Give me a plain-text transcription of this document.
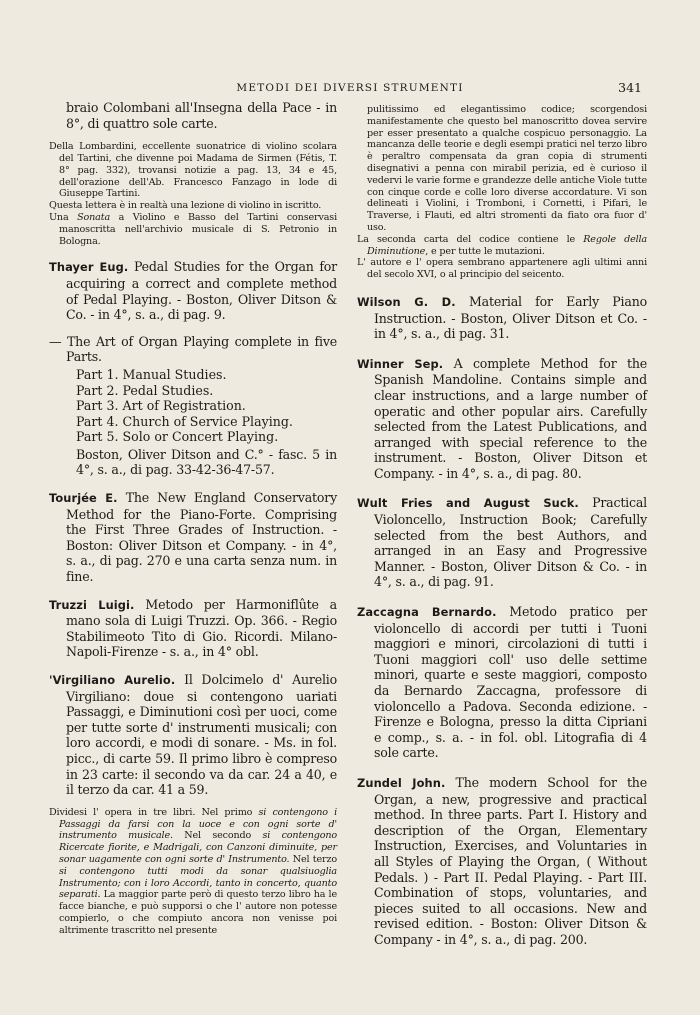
METODI DEI DIVERSI STRUMENTI	341

braio Colombani all'Insegna della Pace - in 8°, di quattro sole carte.

Della Lombardini, eccellente suonatrice di violino scolara del Tartini, che divenne poi Madama de Sirmen (Fétis, T. 8° pag. 332), trovansi notizie a pag. 13, 34 e 45, dell'orazione dell'Ab. Francesco Fanzago in lode di Giuseppe Tartini.

Questa lettera è in realtà una lezione di violino in iscritto.

Una Sonata a Violino e Basso del Tartini conservasi manoscritta nell'archivio musicale di S. Petronio in Bologna.

Thayer Eug. Pedal Studies for the Organ for acquiring a correct and complete method of Pedal Playing. - Boston, Oliver Ditson & Co. - in 4°, s. a., di pag. 9.

— The Art of Organ Playing complete in five Parts.

Part 1. Manual Studies.
Part 2. Pedal Studies.
Part 3. Art of Registration.
Part 4. Church of Service Playing.
Part 5. Solo or Concert Playing.

Boston, Oliver Ditson and C.° - fasc. 5 in 4°, s. a., di pag. 33-42-36-47-57.

Tourjée E. The New England Conservatory Method for the Piano-Forte. Comprising the First Three Grades of Instruction. - Boston: Oliver Ditson et Company. - in 4°, s. a., di pag. 270 e una carta senza num. in fine.

Truzzi Luigi. Metodo per Harmoniflûte a mano sola di Luigi Truzzi. Op. 366. - Regio Stabilimeoto Tito di Gio. Ricordi. Milano-Napoli-Firenze - s. a., in 4° obl.

'Virgiliano Aurelio. Il Dolcimelo d' Aurelio Virgiliano: doue si contengono uariati Passaggi, e Diminutioni così per uoci, come per tutte sorte d' instrumenti musicali; con loro accordi, e modi di sonare. - Ms. in fol. picc., di carte 59. Il primo libro è compreso in 23 carte: il secondo va da car. 24 a 40, e il terzo da car. 41 a 59.

Dividesi l' opera in tre libri. Nel primo si contengono i Passaggi da farsi con la uoce e con ogni sorte d' instrumento musicale. Nel secondo si contengono Ricercate fiorite, e Madrigali, con Canzoni diminuite, per sonar uagamente con ogni sorte d' Instrumento. Nel terzo si contengono tutti modi da sonar qualsiuoglia Instrumento; con i loro Accordi, tanto in concerto, quanto separati. La maggior parte però di questo terzo libro ha le facce bianche, e può supporsi o che l' autore non potesse compierlo, o che compiuto ancora non venisse poi altrimente trascritto nel presente

pulitissimo ed elegantissimo codice; scorgendosi manifestamente che questo bel manoscritto dovea servire per esser presentato a qualche cospicuo personaggio. La mancanza delle teorie e degli esempi pratici nel terzo libro è peraltro compensata da gran copia di strumenti disegnativi a penna con mirabil perizia, ed è curioso il vedervi le varie forme e grandezze delle antiche Viole tutte con cinque corde e colle loro diverse accordature. Vi son delineati i Violini, i Tromboni, i Cornetti, i Pifari, le Traverse, i Flauti, ed altri stromenti da fiato ora fuor d' uso.

La seconda carta del codice contiene le Regole della Diminutione, e per tutte le mutazioni.

L' autore e l' opera sembrano appartenere agli ultimi anni del secolo XVI, o al principio del seicento.

Wilson G. D. Material for Early Piano Instruction. - Boston, Oliver Ditson et Co. - in 4°, s. a., di pag. 31.

Winner Sep. A complete Method for the Spanish Mandoline. Contains simple and clear instructions, and a large number of operatic and other popular airs. Carefully selected from the Latest Publications, and arranged with special reference to the instrument. - Boston, Oliver Ditson et Company. - in 4°, s. a., di pag. 80.

Wult Fries and August Suck. Practical Violoncello, Instruction Book; Carefully selected from the best Authors, and arranged in an Easy and Progressive Manner. - Boston, Oliver Ditson & Co. - in 4°, s. a., di pag. 91.

Zaccagna Bernardo. Metodo pratico per violoncello di accordi per tutti i Tuoni maggiori e minori, circolazioni di tutti i Tuoni maggiori coll' uso delle settime minori, quarte e seste maggiori, composto da Bernardo Zaccagna, professore di violoncello a Padova. Seconda edizione. - Firenze e Bologna, presso la ditta Cipriani e comp., s. a. - in fol. obl. Litografia di 4 sole carte.

Zundel John. The modern School for the Organ, a new, progressive and practical method. In three parts. Part I. History and description of the Organ, Elementary Instruction, Exercises, and Voluntaries in all Styles of Playing the Organ, ( Without Pedals. ) - Part II. Pedal Playing. - Part III. Combination of stops, voluntaries, and pieces suited to all occasions. New and revised edition. - Boston: Oliver Ditson & Company - in 4°, s. a., di pag. 200.
